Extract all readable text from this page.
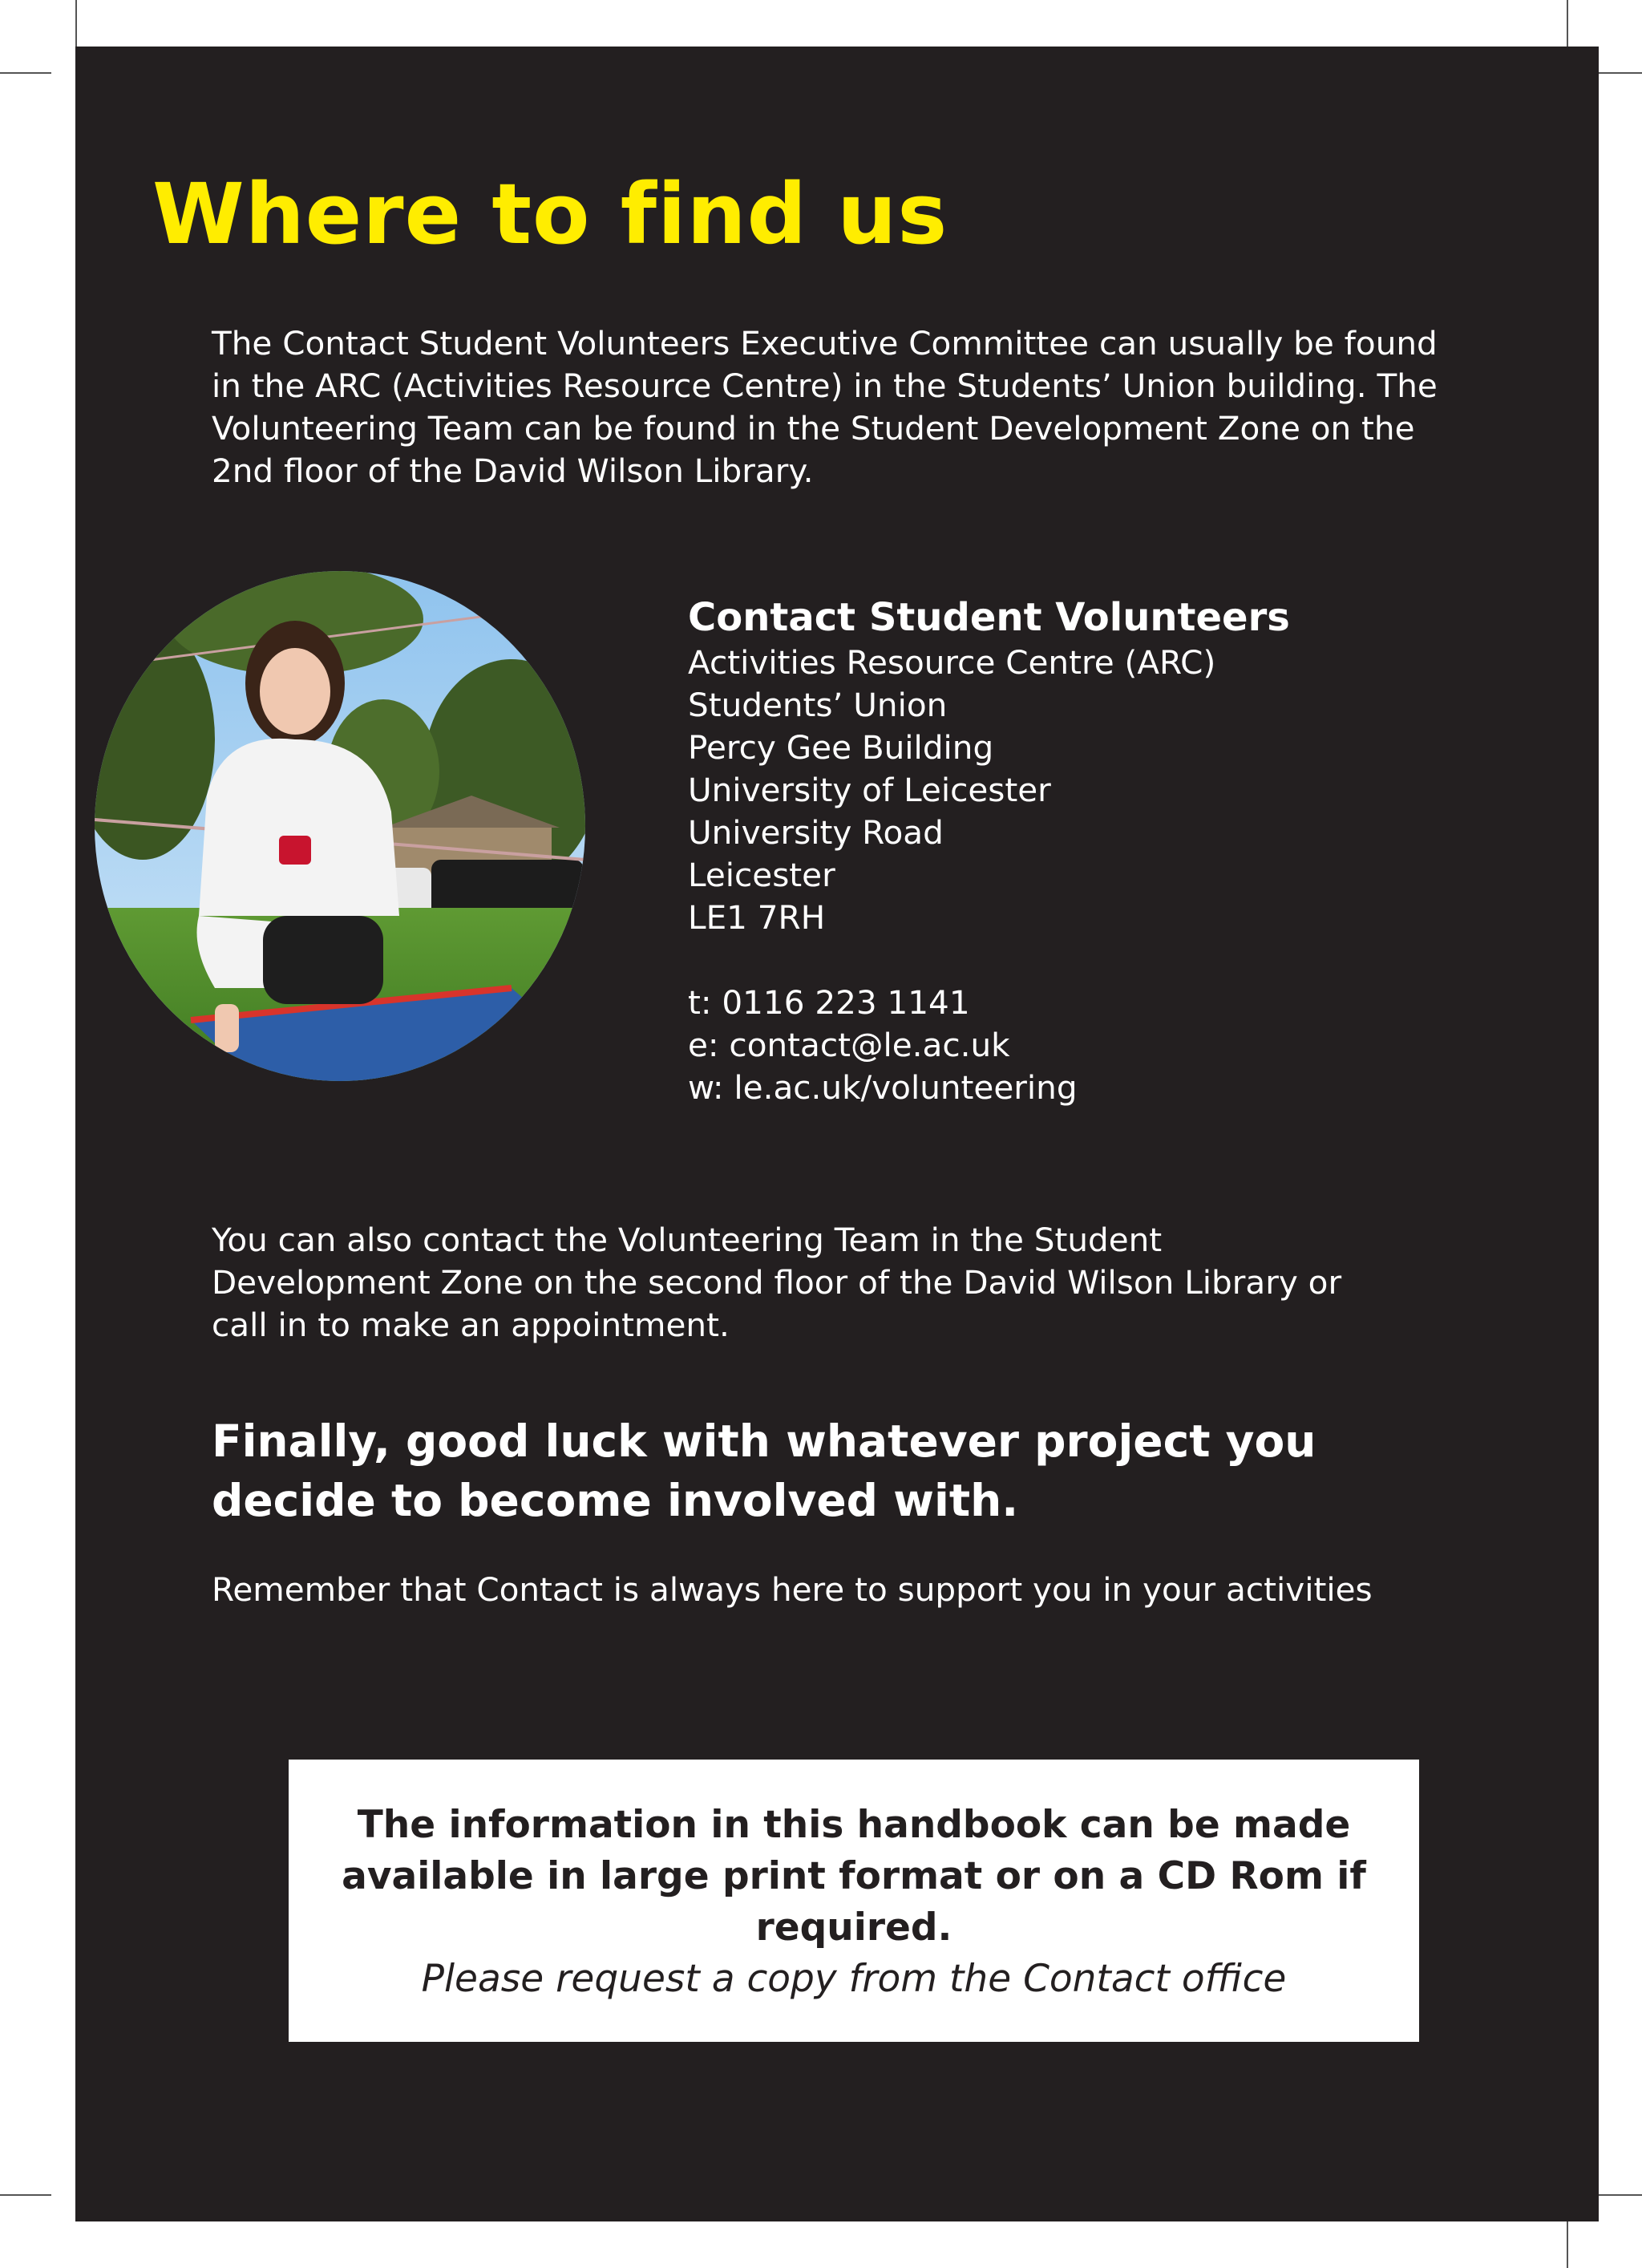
Where to find us

The Contact Student Volunteers Executive Committee can usually be found in the ARC (Activities Resource Centre) in the Students’ Union building. The Volunteering Team can be found in the Student Development Zone on the 2nd floor of the David Wilson Library.

Contact Student Volunteers
Activities Resource Centre (ARC)
Students’ Union
Percy Gee Building
University of Leicester
University Road
Leicester
LE1 7RH
t: 0116 223 1141
e: contact@le.ac.uk
w: le.ac.uk/volunteering

You can also contact the Volunteering Team in the Student Development Zone on the second floor of the David Wilson Library or call in to make an appointment.

Finally, good luck with whatever project you decide to become involved with.

Remember that Contact is always here to support you in your activities

The information in this handbook can be made available in large print format or on a CD Rom if required.

Please request a copy from the Contact office
